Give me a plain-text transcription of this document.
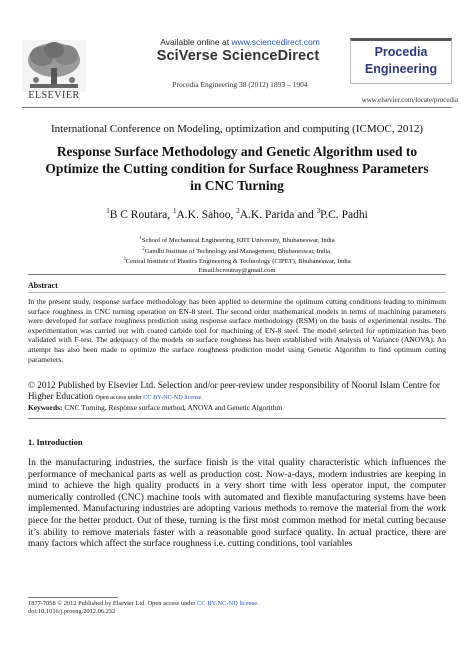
ELSEVIER
Available online at www.sciencedirect.com
SciVerse ScienceDirect
Procedia Engineering 38 (2012) 1893 – 1904
Procedia
Engineering
www.elsevier.com/locate/procedia
International Conference on Modeling, optimization and computing (ICMOC, 2012)
Response Surface Methodology and Genetic Algorithm used to Optimize the Cutting condition for Surface Roughness Parameters in CNC Turning
$^1$B C Routara, $^1$A.K. Sahoo, $^2$A.K. Parida and $^3$P.C. Padhi
$^1$School of Mechanical Engineering, KIIT University, Bhubaneswar, India
$^2$Gandhi Institute of Technology and Management, Bhubaneswar, India,
$^3$Central Institute of Plastics Engineering & Technology (CIPET), Bhubaneswar, India
Email:bcroutray@gmail.com
Abstract
In the present study, response surface methodology has been applied to determine the optimum cutting conditions leading to minimum surface roughness in CNC turning operation on EN-8 steel. The second order mathematical models in terms of machining parameters were developed for surface roughness prediction using response surface methodology (RSM) on the basis of experimental results. The experimentation was carried out with coated carbide tool for machining of EN-8 steel. The model selected for optimization has been validated with F-test. The adequacy of the models on surface roughness has been established with Analysis of Variance (ANOVA). An attempt has also been made to optimize the surface roughness prediction model using Genetic Algorithm to find optimum cutting parameters.
© 2012 Published by Elsevier Ltd. Selection and/or peer-review under responsibility of Noorul Islam Centre for Higher Education Open access under CC BY-NC-ND license.
Keywords: CNC Turning, Response surface method, ANOVA and Genetic Algorithm
1. Introduction
In the manufacturing industries, the surface finish is the vital quality characteristic which influences the performance of mechanical parts as well as production cost. Now-a-days, modern industries are keeping in mind to achieve the high quality products in a very short time with less operator input, the computer numerically controlled (CNC) machine tools with automated and flexible manufacturing systems have been implemented. Manufacturing industries are adopting various methods to remove the material from the work piece for the better product. Out of these, turning is the first most common method for metal cutting because it’s ability to remove materials faster with a reasonable good surface quality. In actual practice, there are many factors which affect the surface roughness i.e. cutting conditions, tool variables
1877-7058 © 2012 Published by Elsevier Ltd. Open access under CC BY-NC-ND license.
doi:10.1016/j.proeng.2012.06.232
